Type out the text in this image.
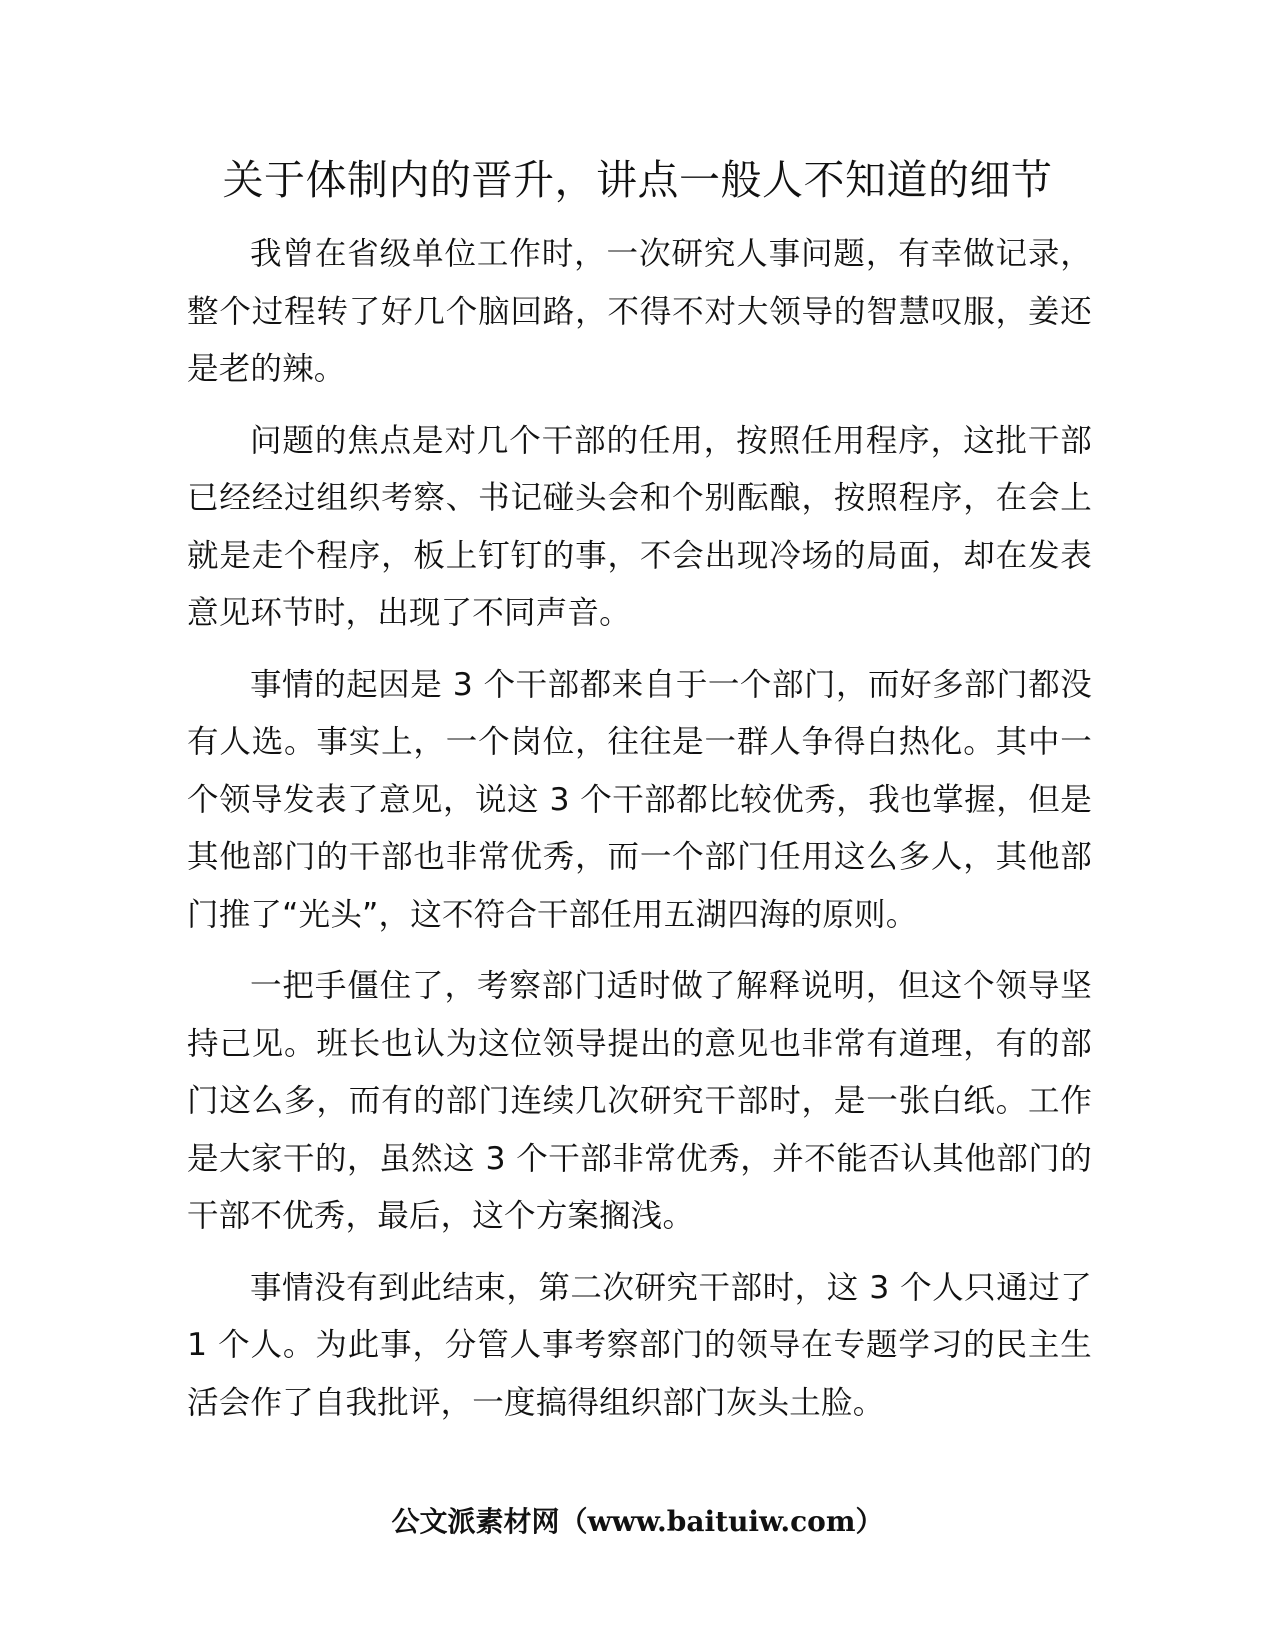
关于体制内的晋升，讲点一般人不知道的细节

我曾在省级单位工作时，一次研究人事问题，有幸做记录，整个过程转了好几个脑回路，不得不对大领导的智慧叹服，姜还是老的辣。

问题的焦点是对几个干部的任用，按照任用程序，这批干部已经经过组织考察、书记碰头会和个别酝酿，按照程序，在会上就是走个程序，板上钉钉的事，不会出现冷场的局面，却在发表意见环节时，出现了不同声音。

事情的起因是 3 个干部都来自于一个部门，而好多部门都没有人选。事实上，一个岗位，往往是一群人争得白热化。其中一个领导发表了意见，说这 3 个干部都比较优秀，我也掌握，但是其他部门的干部也非常优秀，而一个部门任用这么多人，其他部门推了“光头”，这不符合干部任用五湖四海的原则。

一把手僵住了，考察部门适时做了解释说明，但这个领导坚持己见。班长也认为这位领导提出的意见也非常有道理，有的部门这么多，而有的部门连续几次研究干部时，是一张白纸。工作是大家干的，虽然这 3 个干部非常优秀，并不能否认其他部门的干部不优秀，最后，这个方案搁浅。

事情没有到此结束，第二次研究干部时，这 3 个人只通过了 1 个人。为此事，分管人事考察部门的领导在专题学习的民主生活会作了自我批评，一度搞得组织部门灰头土脸。

公文派素材网（www.baituiw.com）
